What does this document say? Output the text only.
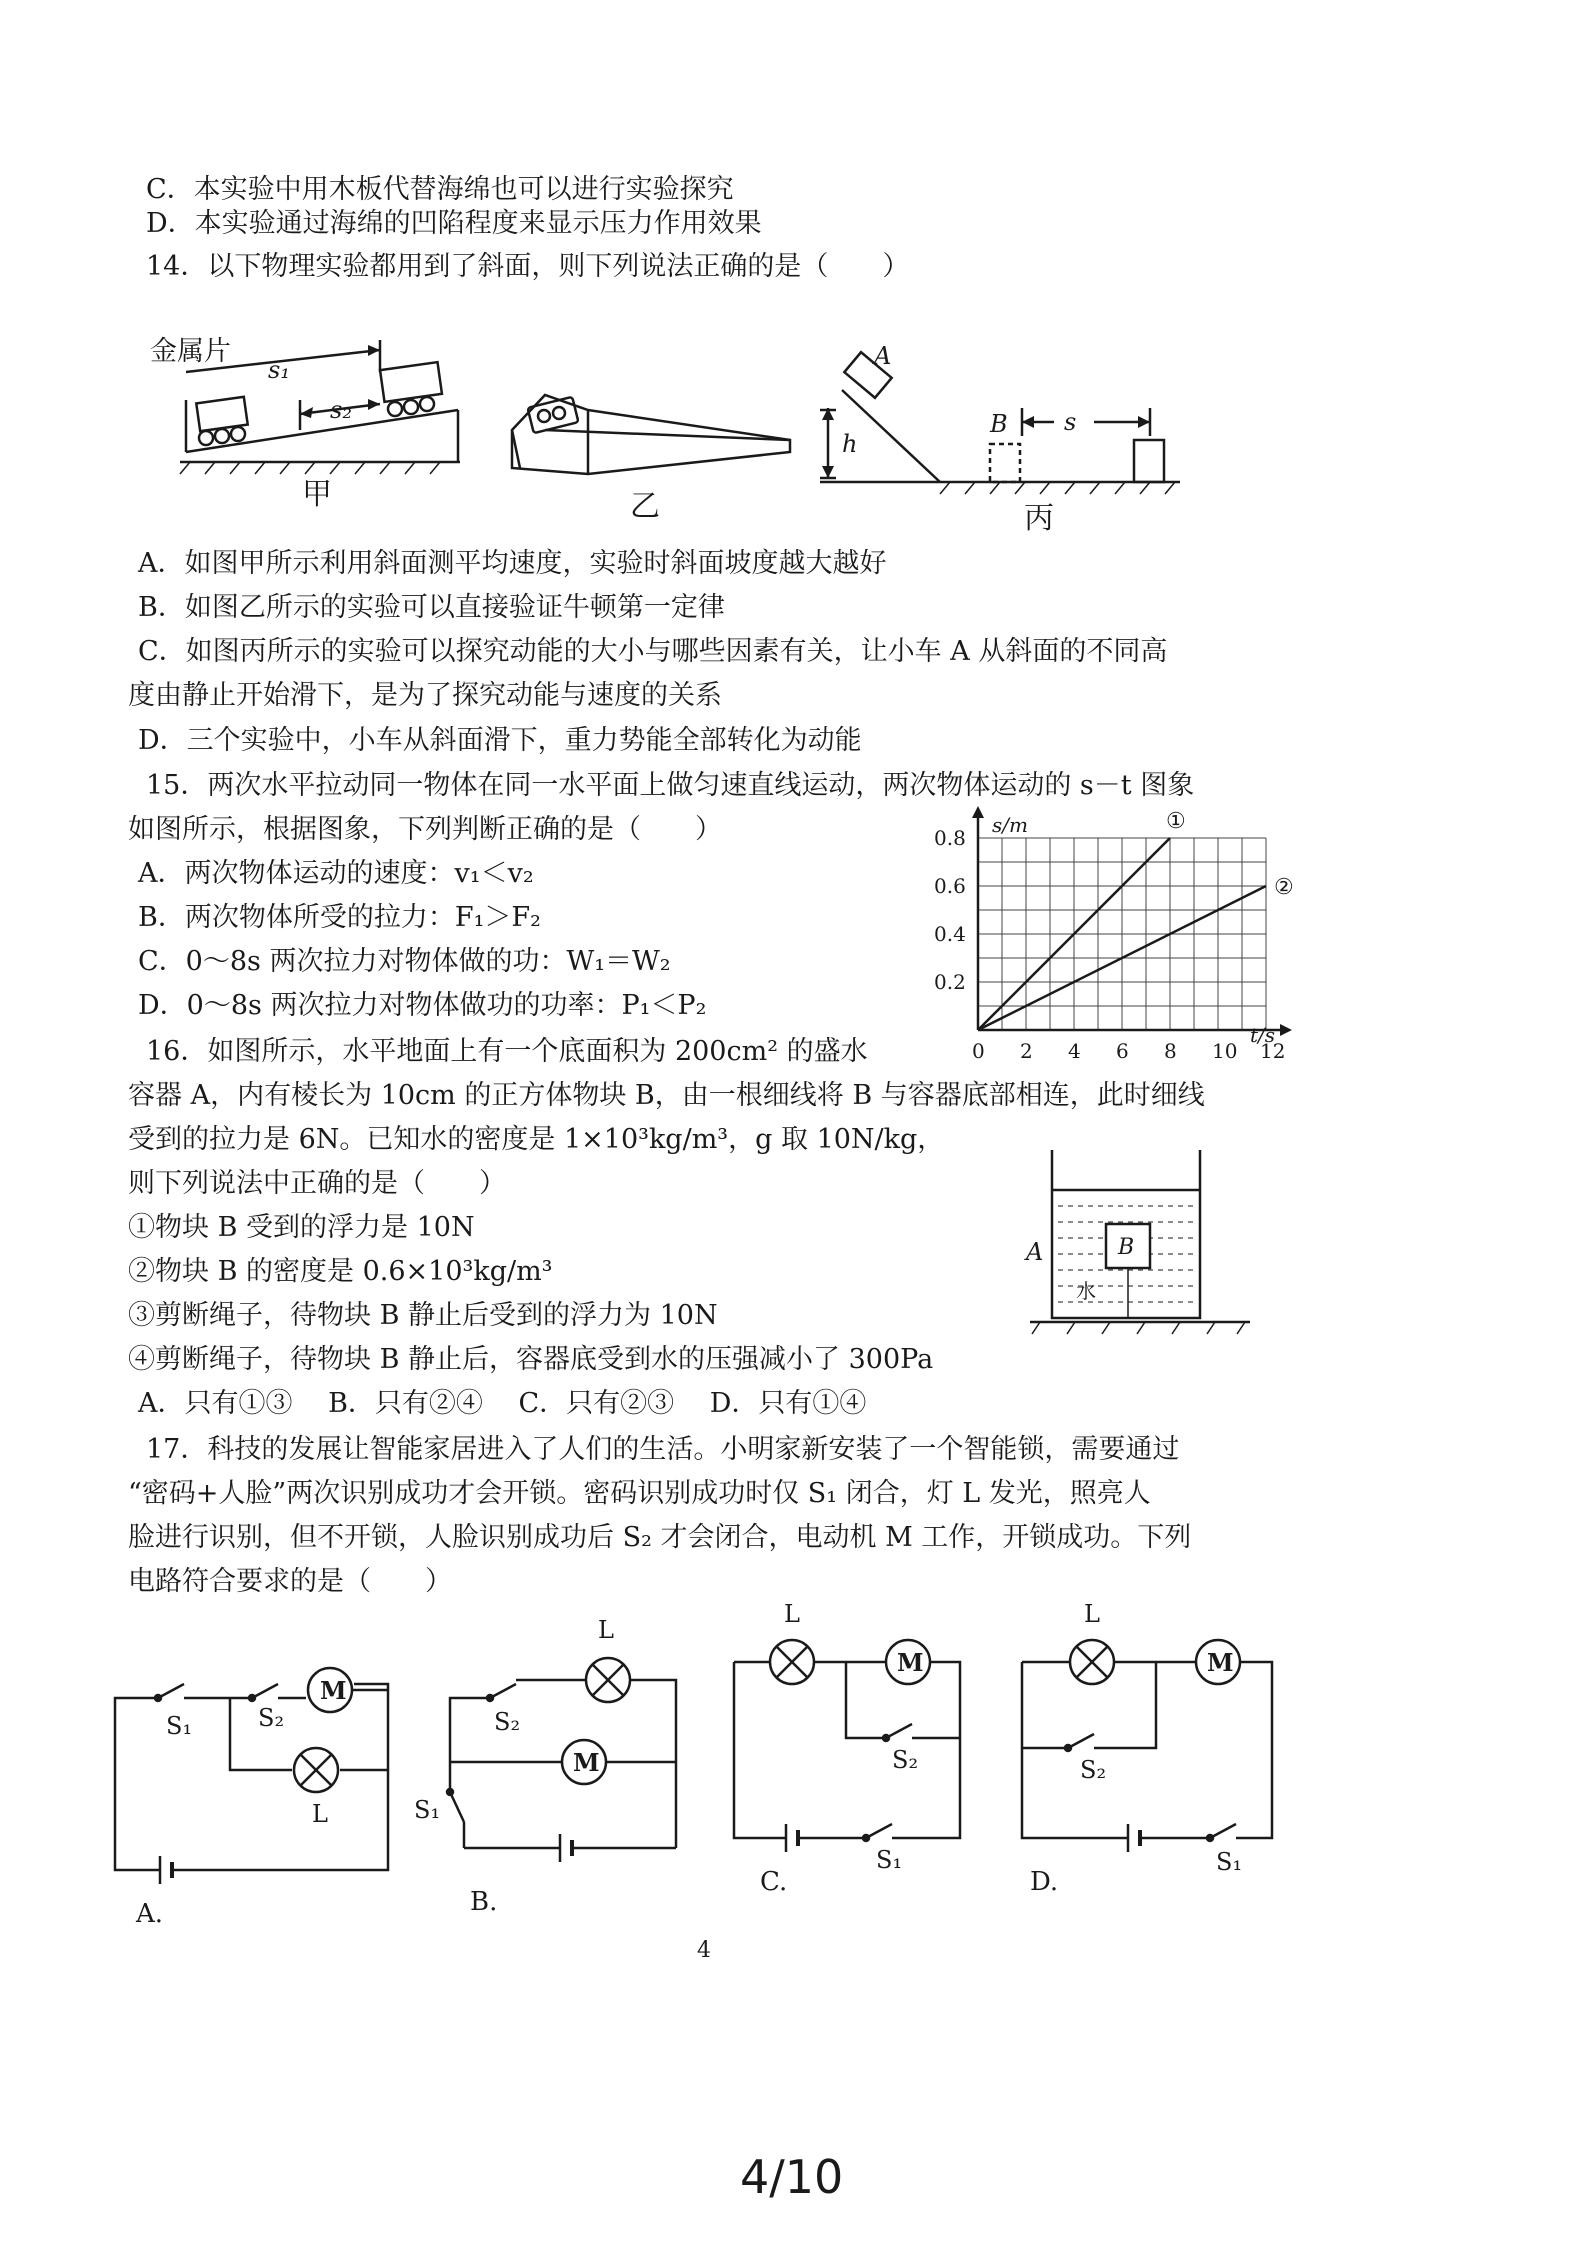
C．本实验中用木板代替海绵也可以进行实验探究
D．本实验通过海绵的凹陷程度来显示压力作用效果
14．以下物理实验都用到了斜面，则下列说法正确的是（　　）
A．如图甲所示利用斜面测平均速度，实验时斜面坡度越大越好
B．如图乙所示的实验可以直接验证牛顿第一定律
C．如图丙所示的实验可以探究动能的大小与哪些因素有关，让小车 A 从斜面的不同高
度由静止开始滑下，是为了探究动能与速度的关系
D．三个实验中，小车从斜面滑下，重力势能全部转化为动能
15．两次水平拉动同一物体在同一水平面上做匀速直线运动，两次物体运动的 s－t 图象
如图所示，根据图象，下列判断正确的是（　　）
A．两次物体运动的速度：v₁＜v₂
B．两次物体所受的拉力：F₁＞F₂
C．0～8s 两次拉力对物体做的功：W₁＝W₂
D．0～8s 两次拉力对物体做功的功率：P₁＜P₂
16．如图所示，水平地面上有一个底面积为 200cm² 的盛水
容器 A，内有棱长为 10cm 的正方体物块 B，由一根细线将 B 与容器底部相连，此时细线
受到的拉力是 6N。已知水的密度是 1×10³kg/m³，g 取 10N/kg，
则下列说法中正确的是（　　）
①物块 B 受到的浮力是 10N
②物块 B 的密度是 0.6×10³kg/m³
③剪断绳子，待物块 B 静止后受到的浮力为 10N
④剪断绳子，待物块 B 静止后，容器底受到水的压强减小了 300Pa
A．只有①③　 B．只有②④　 C．只有②③　 D．只有①④
17．科技的发展让智能家居进入了人们的生活。小明家新安装了一个智能锁，需要通过
“密码+人脸”两次识别成功才会开锁。密码识别成功时仅 S₁ 闭合，灯 L 发光，照亮人
脸进行识别，但不开锁，人脸识别成功后 S₂ 才会闭合，电动机 M 工作，开锁成功。下列
电路符合要求的是（　　）
金属片
s₁
s₂
甲	乙	丙
A
B
h
s
0 2 4 6 8 10 12
0.2
0.4
0.6
0.8
①
②
s/m
t/s
A	B
水
S₁	S₂
M
L
S₂
L
M
S₁
L
M
S₂
S₁
L
M
S₂
S₁
A.	B.
C.	D.
4
4/10
